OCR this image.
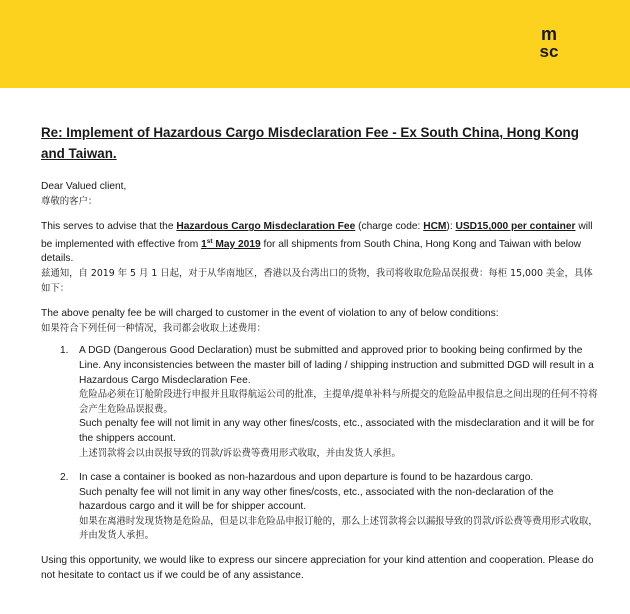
m
sc

Re: Implement of Hazardous Cargo Misdeclaration Fee - Ex South China, Hong Kong and Taiwan.

Dear Valued client,

尊敬的客户：

This serves to advise that the Hazardous Cargo Misdeclaration Fee (charge code: HCM): USD15,000 per container will be implemented with effective from 1st May 2019 for all shipments from South China, Hong Kong and Taiwan with below details.

兹通知，自 2019 年 5 月 1 日起，对于从华南地区，香港以及台湾出口的货物，我司将收取危险品误报费：每柜 15,000 美金，具体如下：

The above penalty fee be will charged to customer in the event of violation to any of below conditions:

如果符合下列任何一种情况，我司都会收取上述费用：

1. A DGD (Dangerous Good Declaration) must be submitted and approved prior to booking being confirmed by the Line. Any inconsistencies between the master bill of lading / shipping instruction and submitted DGD will result in a Hazardous Cargo Misdeclaration Fee.

危险品必须在订舱阶段进行申报并且取得航运公司的批准，主提单/提单补料与所提交的危险品申报信息之间出现的任何不符将会产生危险品误报费。

Such penalty fee will not limit in any way other fines/costs, etc., associated with the misdeclaration and it will be for the shippers account.

上述罚款将会以由误报导致的罚款/诉讼费等费用形式收取，并由发货人承担。

2. In case a container is booked as non-hazardous and upon departure is found to be hazardous cargo.

Such penalty fee will not limit in any way other fines/costs, etc., associated with the non-declaration of the hazardous cargo and it will be for shipper account.

如果在离港时发现货物是危险品，但是以非危险品申报订舱的，那么上述罚款将会以漏报导致的罚款/诉讼费等费用形式收取，并由发货人承担。

Using this opportunity, we would like to express our sincere appreciation for your kind attention and cooperation. Please do not hesitate to contact us if we could be of any assistance.
